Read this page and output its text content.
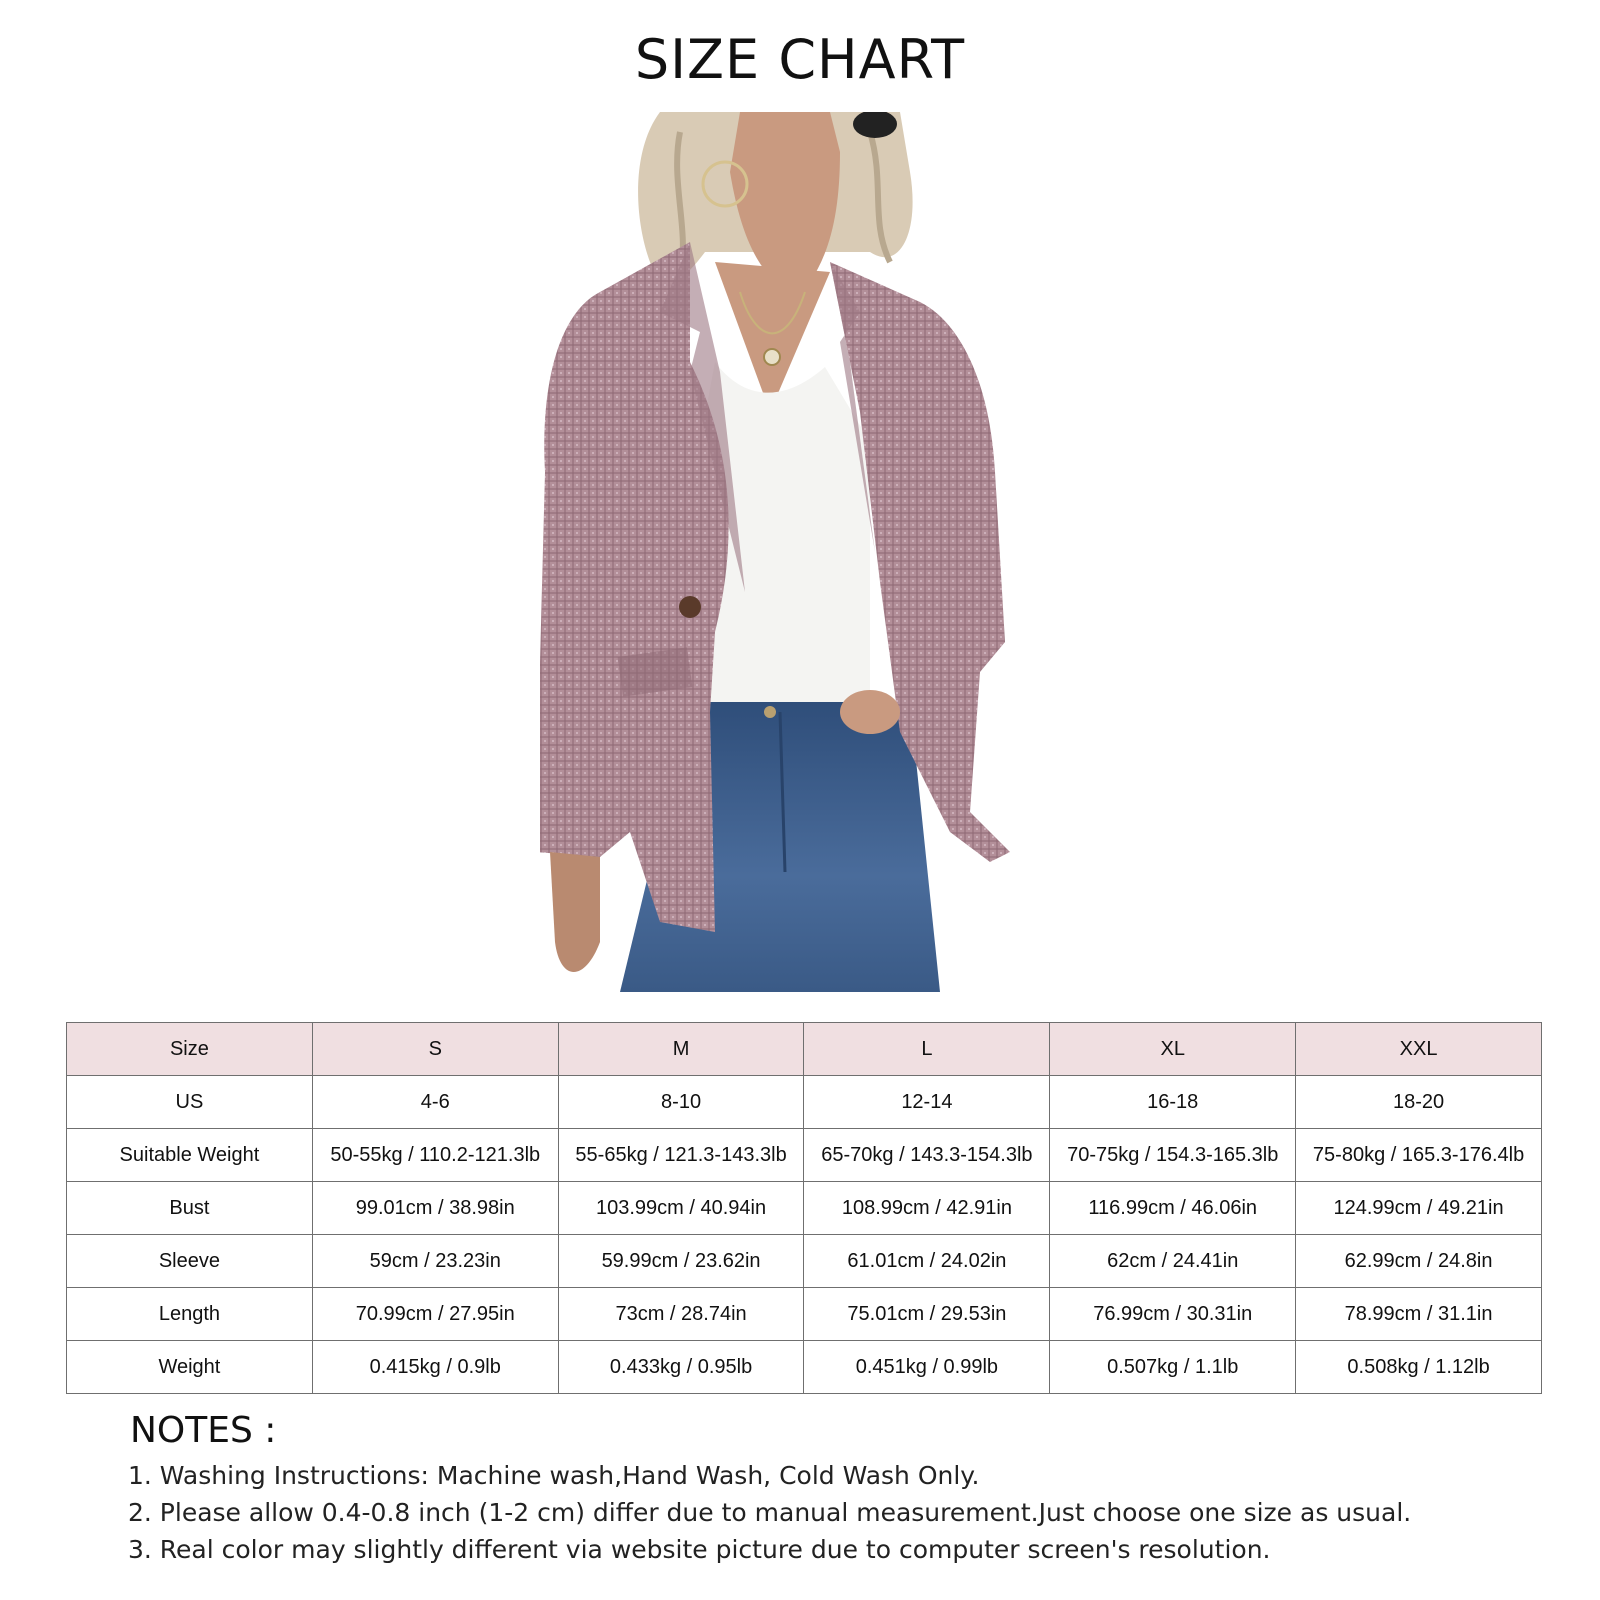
SIZE CHART
Size	S	M	L	XL	XXL
US	4-6	8-10	12-14	16-18	18-20
Suitable Weight	50-55kg / 110.2-121.3lb	55-65kg / 121.3-143.3lb	65-70kg / 143.3-154.3lb	70-75kg / 154.3-165.3lb	75-80kg / 165.3-176.4lb
Bust	99.01cm / 38.98in	103.99cm / 40.94in	108.99cm / 42.91in	116.99cm / 46.06in	124.99cm / 49.21in
Sleeve	59cm / 23.23in	59.99cm / 23.62in	61.01cm / 24.02in	62cm / 24.41in	62.99cm / 24.8in
Length	70.99cm / 27.95in	73cm / 28.74in	75.01cm / 29.53in	76.99cm / 30.31in	78.99cm / 31.1in
Weight	0.415kg / 0.9lb	0.433kg / 0.95lb	0.451kg / 0.99lb	0.507kg / 1.1lb	0.508kg / 1.12lb
NOTES :
1. Washing Instructions: Machine wash,Hand Wash, Cold Wash Only.
2. Please allow 0.4-0.8 inch (1-2 cm) differ due to manual measurement.Just choose one size as usual.
3. Real color may slightly different via website picture due to computer screen's resolution.
